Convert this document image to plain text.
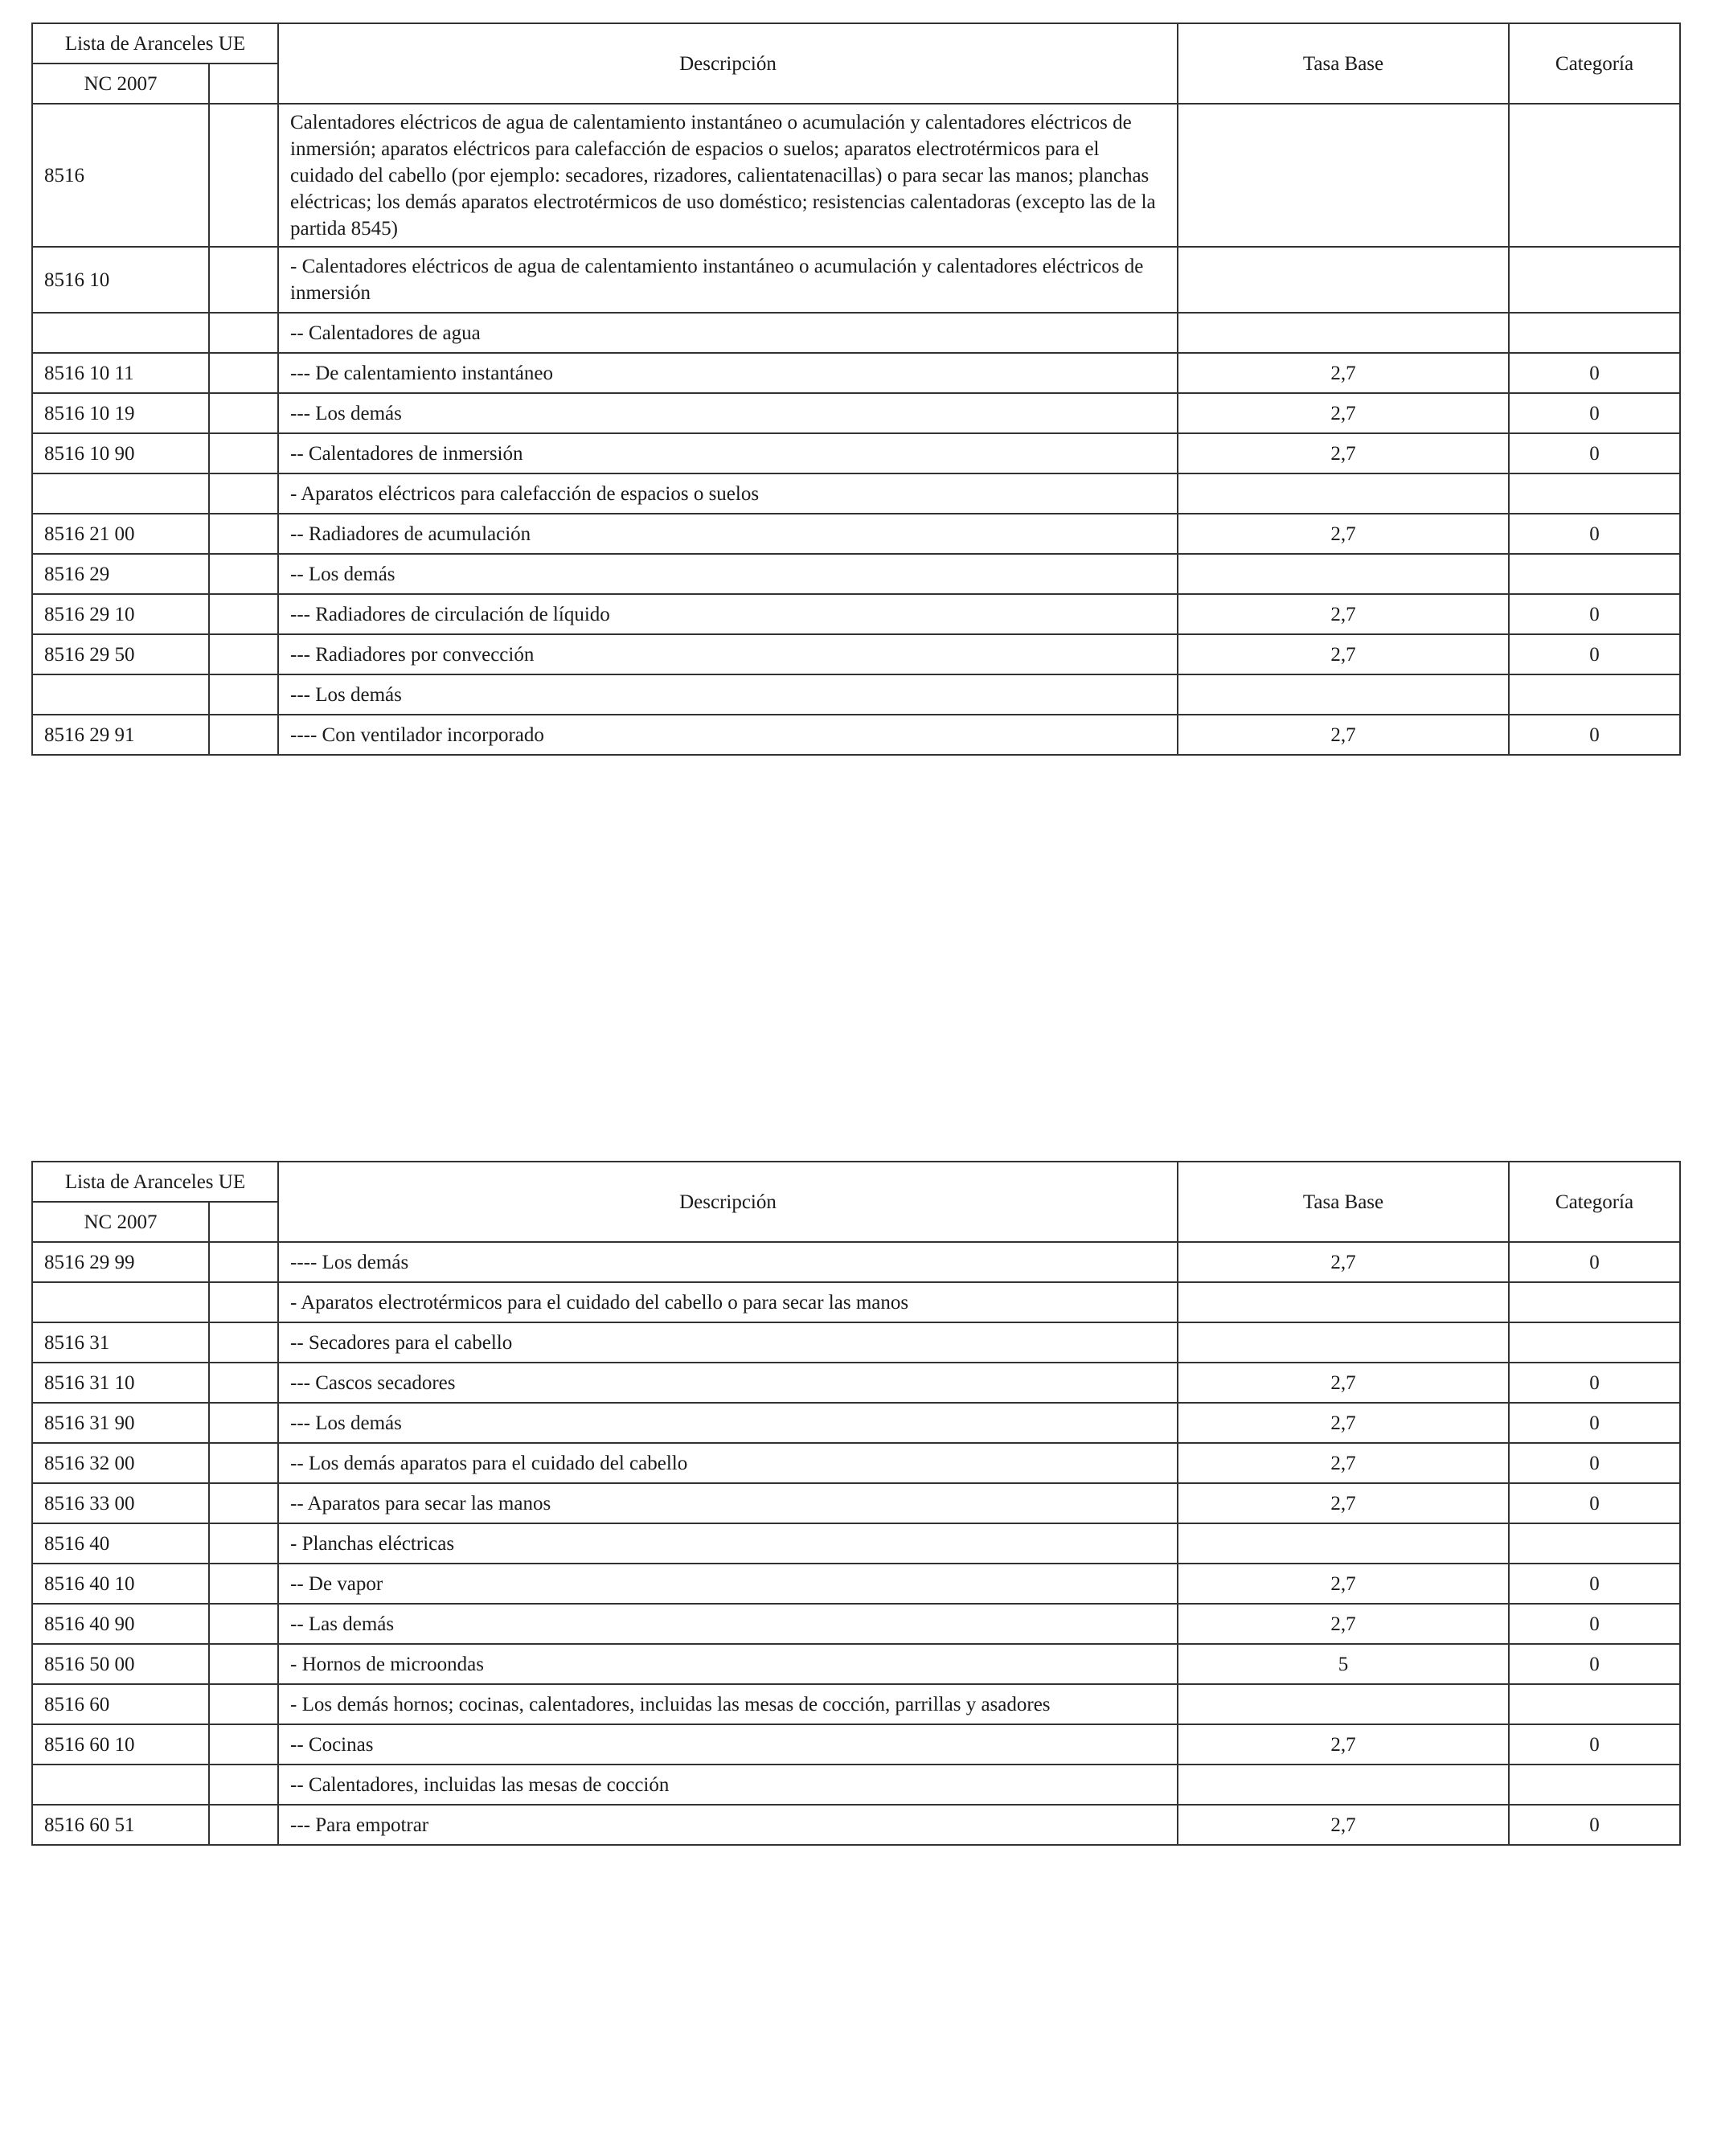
Lista de Aranceles UE		Descripción	Tasa Base	Categoría
NC 2007				
8516		Calentadores eléctricos de agua de calentamiento instantáneo o acumulación y calentadores eléctricos de inmersión; aparatos eléctricos para calefacción de espacios o suelos; aparatos electrotérmicos para el cuidado del cabello (por ejemplo: secadores, rizadores, calientatenacillas) o para secar las manos; planchas eléctricas; los demás aparatos electrotérmicos de uso doméstico; resistencias calentadoras (excepto las de la partida 8545)		
8516 10		- Calentadores eléctricos de agua de calentamiento instantáneo o acumulación y calentadores eléctricos de inmersión		
		-- Calentadores de agua		
8516 10 11		--- De calentamiento instantáneo	2,7	0
8516 10 19		--- Los demás	2,7	0
8516 10 90		-- Calentadores de inmersión	2,7	0
		- Aparatos eléctricos para calefacción de espacios o suelos		
8516 21 00		-- Radiadores de acumulación	2,7	0
8516 29		-- Los demás		
8516 29 10		--- Radiadores de circulación de líquido	2,7	0
8516 29 50		--- Radiadores por convección	2,7	0
		--- Los demás		
8516 29 91		---- Con ventilador incorporado	2,7	0
Lista de Aranceles UE		Descripción	Tasa Base	Categoría
NC 2007				
8516 29 99		---- Los demás	2,7	0
		- Aparatos electrotérmicos para el cuidado del cabello o para secar las manos		
8516 31		-- Secadores para el cabello		
8516 31 10		--- Cascos secadores	2,7	0
8516 31 90		--- Los demás	2,7	0
8516 32 00		-- Los demás aparatos para el cuidado del cabello	2,7	0
8516 33 00		-- Aparatos para secar las manos	2,7	0
8516 40		- Planchas eléctricas		
8516 40 10		-- De vapor	2,7	0
8516 40 90		-- Las demás	2,7	0
8516 50 00		- Hornos de microondas	5	0
8516 60		- Los demás hornos; cocinas, calentadores, incluidas las mesas de cocción, parrillas y asadores		
8516 60 10		-- Cocinas	2,7	0
		-- Calentadores, incluidas las mesas de cocción		
8516 60 51		--- Para empotrar	2,7	0
